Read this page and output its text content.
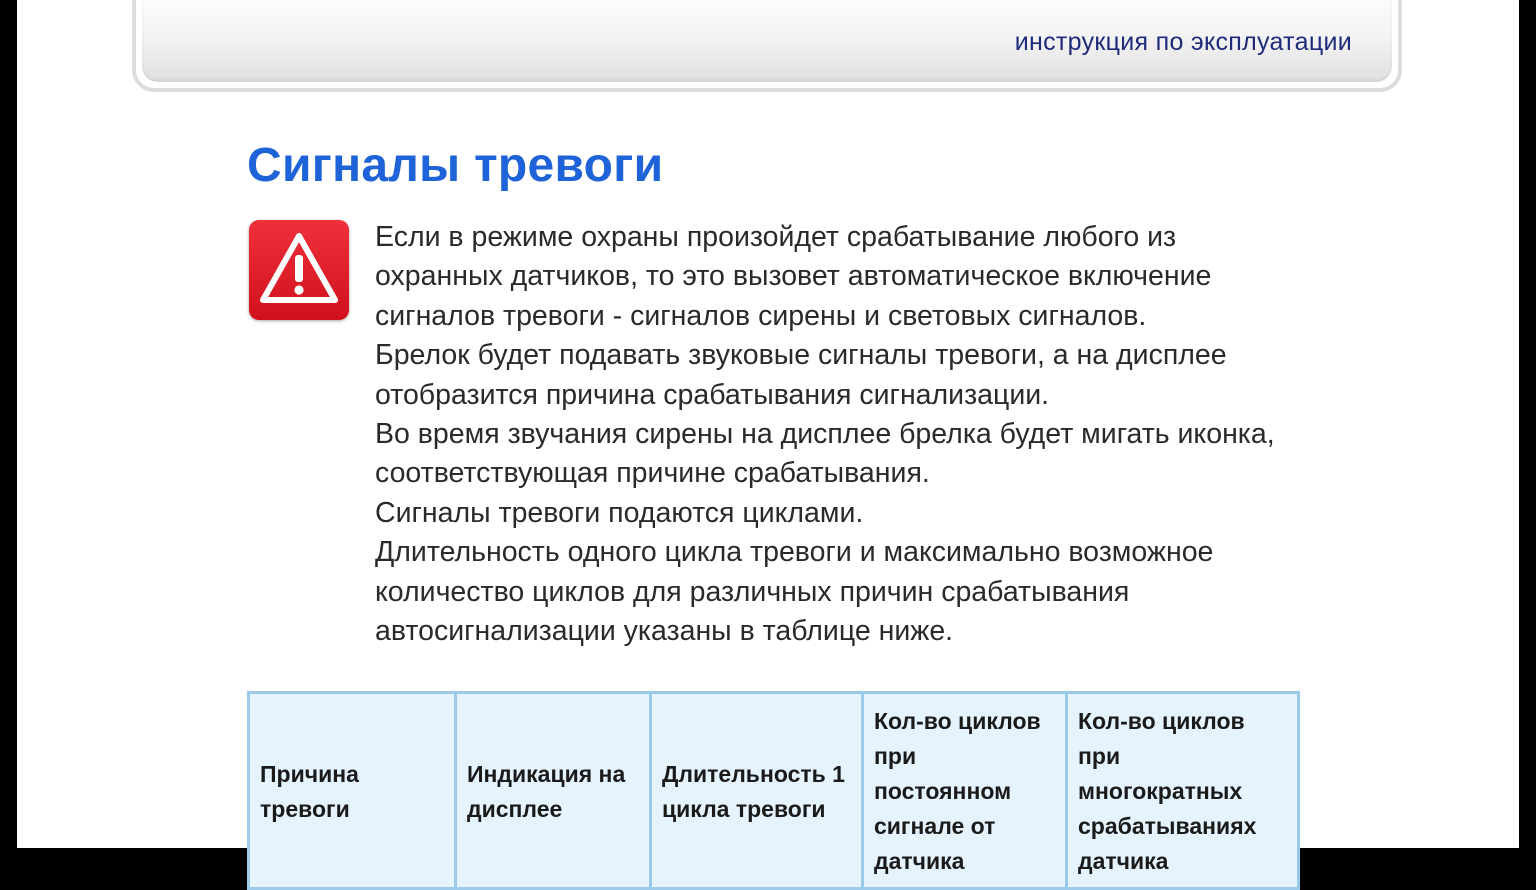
инструкция по эксплуатации
Сигналы тревоги

Если в режиме охраны произойдет срабатывание любого из охранных датчиков, то это вызовет автоматическое включение сигналов тревоги - сигналов сирены и световых сигналов.

Брелок будет подавать звуковые сигналы тревоги, а на дисплее отобразится причина срабатывания сигнализации.

Во время звучания сирены на дисплее брелка будет мигать иконка, соответствующая причине срабатывания.

Сигналы тревоги подаются циклами.

Длительность одного цикла тревоги и максимально возможное количество циклов для различных причин срабатывания автосигнализации указаны в таблице ниже.

Причина тревоги	Индикация на дисплее	Длительность 1 цикла тревоги	Кол-во циклов при постоянном сигнале от датчика	Кол-во циклов при многократных срабатываниях датчика
